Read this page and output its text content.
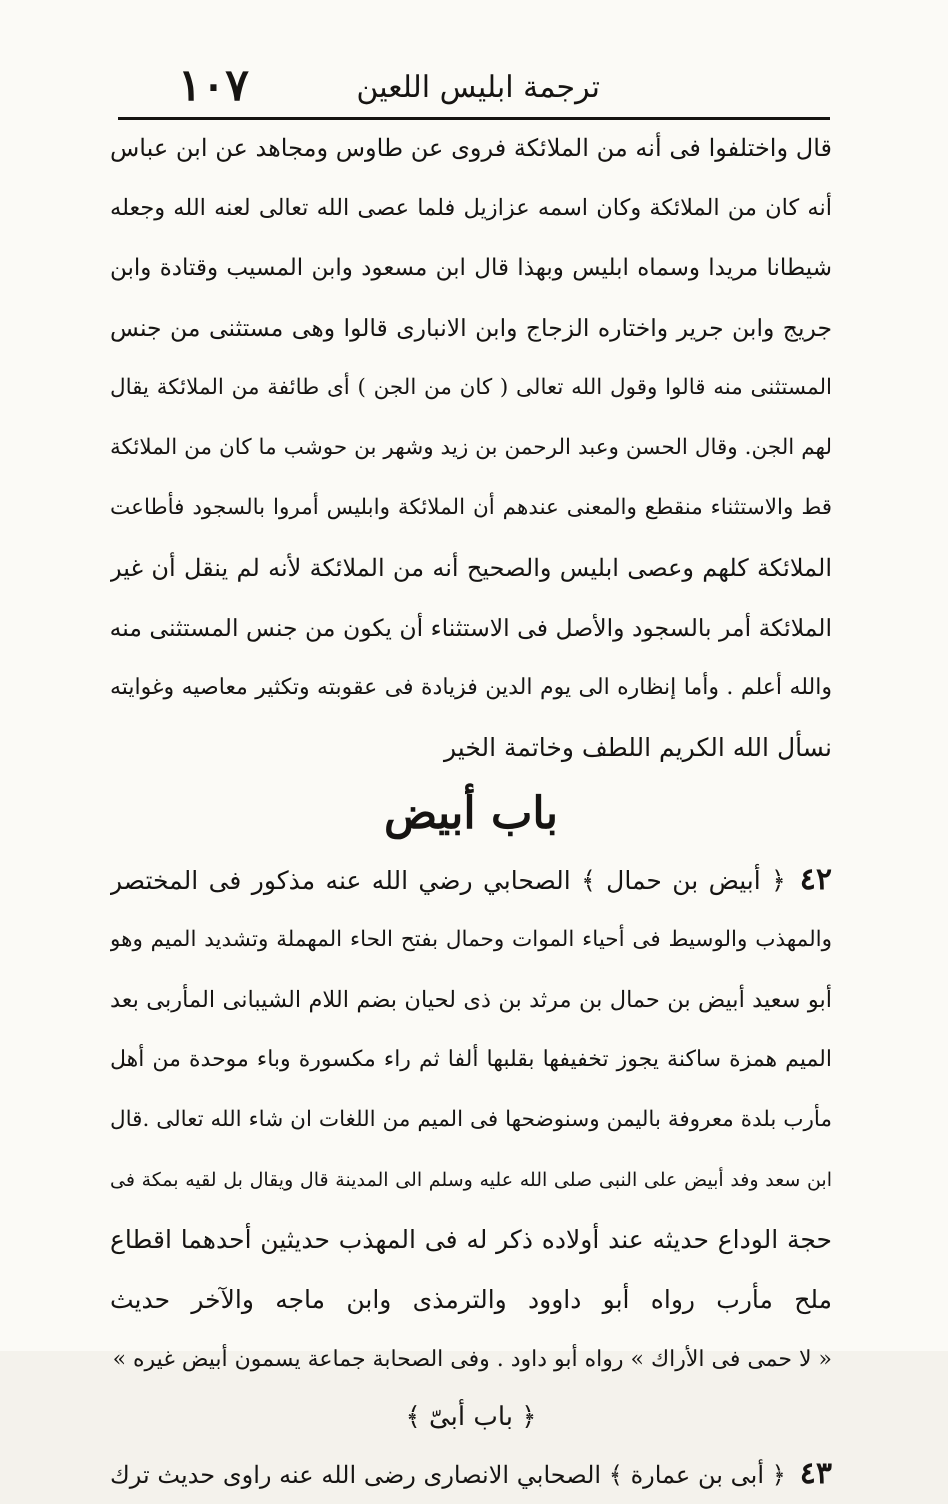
ترجمة ابليس اللعين
١٠٧
قال واختلفوا فى أنه من الملائكة فروى عن طاوس ومجاهد عن ابن عباس
أنه كان من الملائكة وكان اسمه عزازيل فلما عصى الله تعالى لعنه الله وجعله
شيطانا مريدا وسماه ابليس وبهذا قال ابن مسعود وابن المسيب وقتادة وابن
جريج وابن جرير واختاره الزجاج وابن الانبارى قالوا وهى مستثنى من جنس
المستثنى منه قالوا وقول الله تعالى ( كان من الجن ) أى طائفة من الملائكة يقال
لهم الجن. وقال الحسن وعبد الرحمن بن زيد وشهر بن حوشب ما كان من الملائكة
قط والاستثناء منقطع والمعنى عندهم أن الملائكة وابليس أمروا بالسجود فأطاعت
الملائكة كلهم وعصى ابليس والصحيح أنه من الملائكة لأنه لم ينقل أن غير
الملائكة أمر بالسجود والأصل فى الاستثناء أن يكون من جنس المستثنى منه
والله أعلم . وأما إنظاره الى يوم الدين فزيادة فى عقوبته وتكثير معاصيه وغوايته
نسأل الله الكريم اللطف وخاتمة الخير
باب أبيض
٤٢﴿ أبيض بن حمال ﴾ الصحابي رضي الله عنه مذكور فى المختصر
والمهذب والوسيط فى أحياء الموات وحمال بفتح الحاء المهملة وتشديد الميم وهو
أبو سعيد أبيض بن حمال بن مرثد بن ذى لحيان بضم اللام الشيبانى المأربى بعد
الميم همزة ساكنة يجوز تخفيفها بقلبها ألفا ثم راء مكسورة وباء موحدة من أهل
مأرب بلدة معروفة باليمن وسنوضحها فى الميم من اللغات ان شاء الله تعالى .قال
ابن سعد وفد أبيض على النبى صلى الله عليه وسلم الى المدينة قال ويقال بل لقيه بمكة فى
حجة الوداع حديثه عند أولاده ذكر له فى المهذب حديثين أحدهما اقطاع
ملح مأرب رواه أبو داوود والترمذى وابن ماجه والآخر حديث
« لا حمى فى الأراك » رواه أبو داود . وفى الصحابة جماعة يسمون أبيض غيره »
﴿ باب أبىّ ﴾
٤٣﴿ أبى بن عمارة ﴾ الصحابي الانصارى رضى الله عنه راوى حديث ترك
